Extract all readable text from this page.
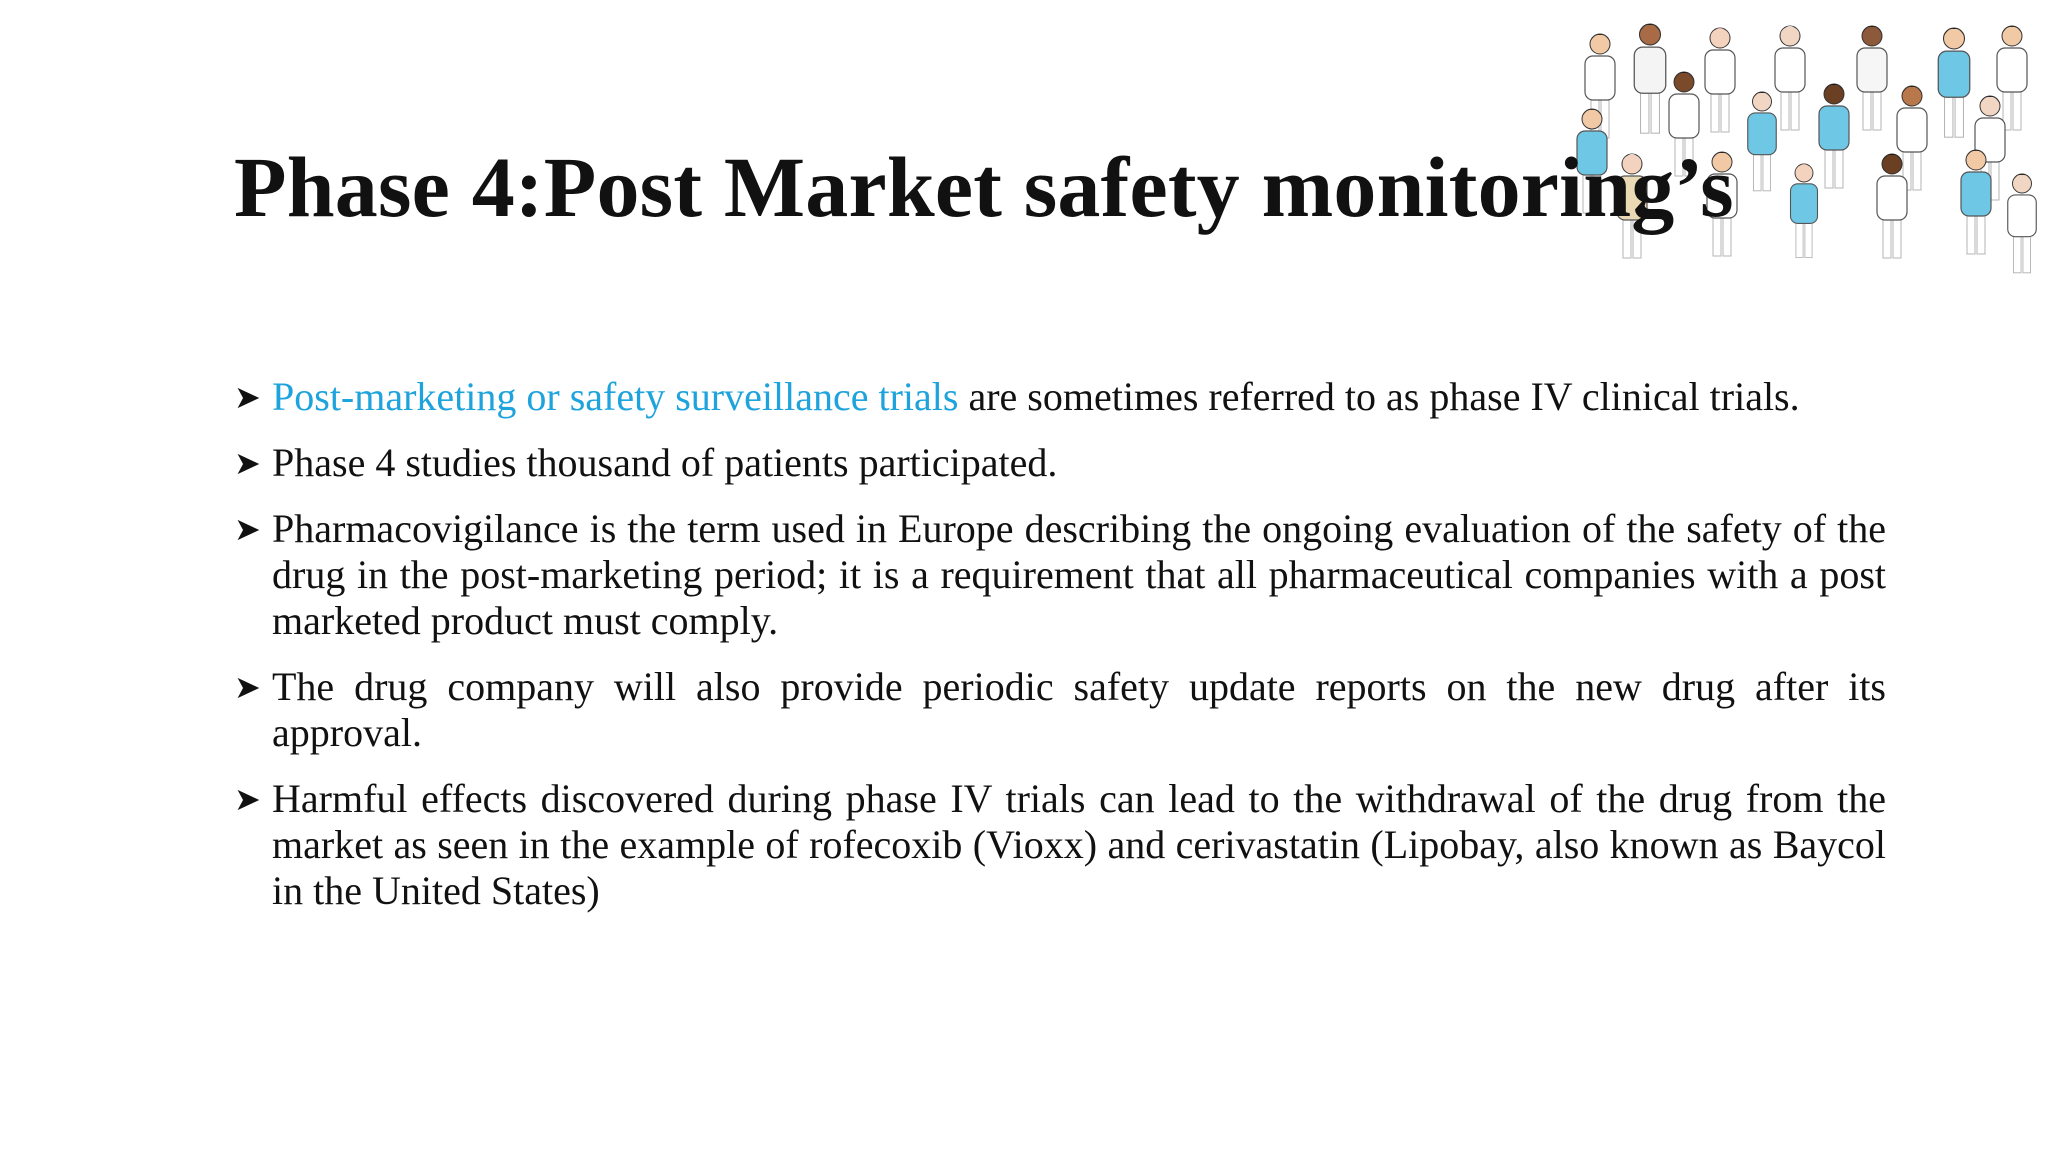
Phase 4:Post Market safety monitoring’s
➤ Post-marketing or safety surveillance trials are sometimes referred to as phase IV clinical trials.
➤ Phase 4 studies thousand of patients participated.
➤ Pharmacovigilance is the term used in Europe describing the ongoing evaluation of the safety of the drug in the post-marketing period; it is a requirement that all pharmaceutical companies with a post marketed product must comply.
➤ The drug company will also provide periodic safety update reports on the new drug after its approval.
➤ Harmful effects discovered during phase IV trials can lead to the withdrawal of the drug from the market as seen in the example of rofecoxib (Vioxx) and cerivastatin (Lipobay, also known as Baycol in the United States)
